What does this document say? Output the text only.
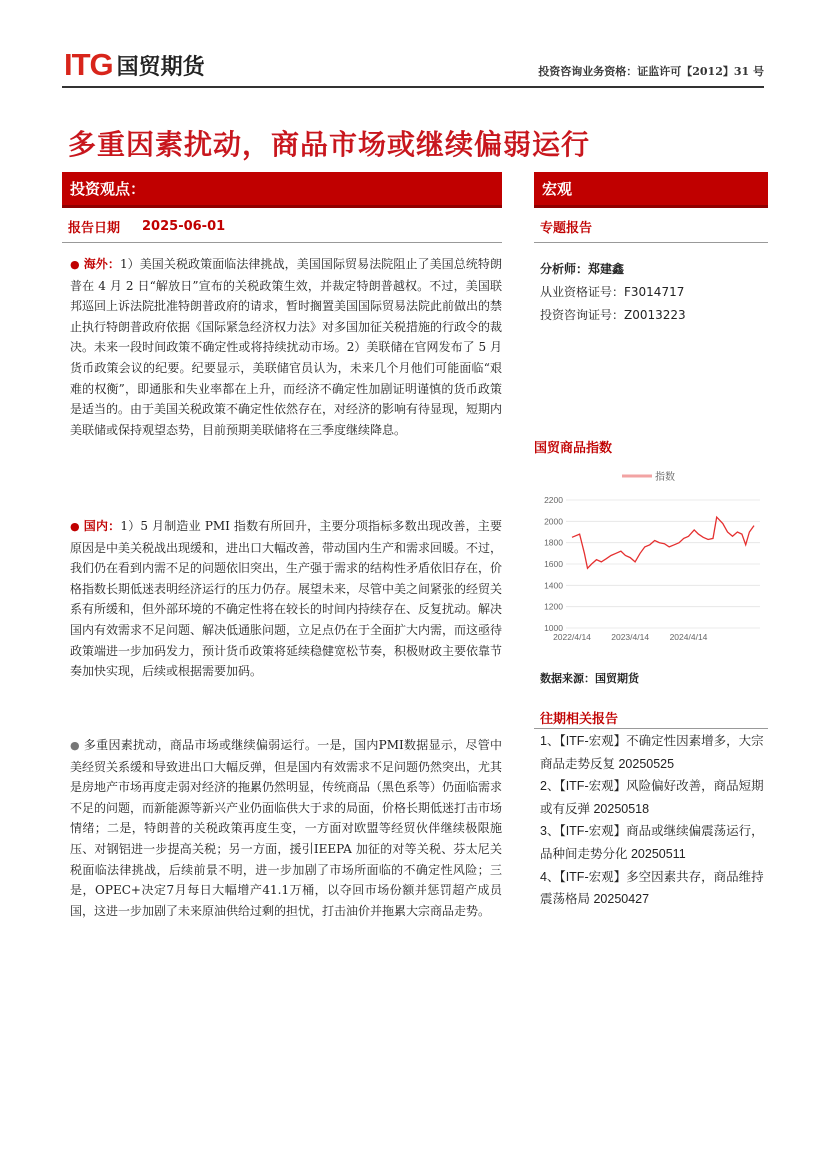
ITG 国贸期货	投资咨询业务资格：证监许可【2012】31 号
多重因素扰动，商品市场或继续偏弱运行
投资观点：
报告日期 2025-06-01
宏观
专题报告
● 海外：1）美国关税政策面临法律挑战，美国国际贸易法院阻止了美国总统特朗普在 4 月 2 日“解放日”宣布的关税政策生效，并裁定特朗普越权。不过，美国联邦巡回上诉法院批准特朗普政府的请求，暂时搁置美国国际贸易法院此前做出的禁止执行特朗普政府依据《国际紧急经济权力法》对多国加征关税措施的行政令的裁决。未来一段时间政策不确定性或将持续扰动市场。2）美联储在官网发布了 5 月货币政策会议的纪要。纪要显示，美联储官员认为，未来几个月他们可能面临“艰难的权衡”，即通胀和失业率都在上升，而经济不确定性加剧证明谨慎的货币政策是适当的。由于美国关税政策不确定性依然存在，对经济的影响有待显现，短期内美联储或保持观望态势，目前预期美联储将在三季度继续降息。
● 国内：1）5 月制造业 PMI 指数有所回升，主要分项指标多数出现改善，主要原因是中美关税战出现缓和，进出口大幅改善，带动国内生产和需求回暖。不过，我们仍在看到内需不足的问题依旧突出，生产强于需求的结构性矛盾依旧存在，价格指数长期低迷表明经济运行的压力仍存。展望未来，尽管中美之间紧张的经贸关系有所缓和，但外部环境的不确定性将在较长的时间内持续存在、反复扰动。解决国内有效需求不足问题、解决低通胀问题，立足点仍在于全面扩大内需，而这亟待政策端进一步加码发力，预计货币政策将延续稳健宽松节奏，积极财政主要依靠节奏加快实现，后续或根据需要加码。
● 多重因素扰动，商品市场或继续偏弱运行。一是，国内PMI数据显示，尽管中美经贸关系缓和导致进出口大幅反弹，但是国内有效需求不足问题仍然突出，尤其是房地产市场再度走弱对经济的拖累仍然明显，传统商品（黑色系等）仍面临需求不足的问题，而新能源等新兴产业仍面临供大于求的局面，价格长期低迷打击市场情绪；二是，特朗普的关税政策再度生变，一方面对欧盟等经贸伙伴继续极限施压、对钢铝进一步提高关税；另一方面，援引IEEPA 加征的对等关税、芬太尼关税面临法律挑战，后续前景不明，进一步加剧了市场所面临的不确定性风险；三是，OPEC+决定7月每日大幅增产41.1万桶，以夺回市场份额并惩罚超产成员国，这进一步加剧了未来原油供给过剩的担忧，打击油价并拖累大宗商品走势。
分析师：郑建鑫
从业资格证号：F3014717
投资咨询证号：Z0013223
国贸商品指数
1000
1200
1400
1600
1800
2000
2200
2022/4/14 2023/4/14 2024/4/14
指数
数据来源：国贸期货
往期相关报告
1、【ITF-宏观】不确定性因素增多，大宗商品走势反复 20250525
2、【ITF-宏观】风险偏好改善，商品短期或有反弹 20250518
3、【ITF-宏观】商品或继续偏震荡运行，品种间走势分化 20250511
4、【ITF-宏观】多空因素共存，商品维持震荡格局 20250427
